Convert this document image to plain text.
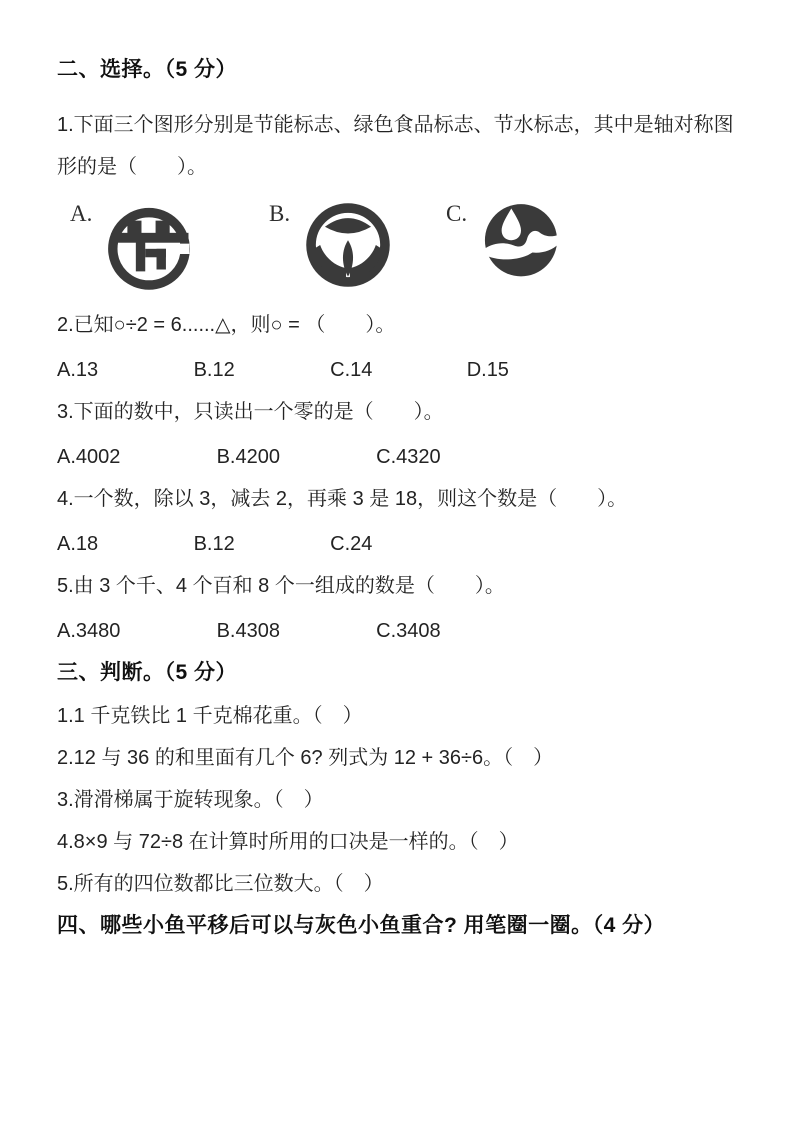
二、选择。（5 分）

1.下面三个图形分别是节能标志、绿色食品标志、节水标志，其中是轴对称图形的是（　　）。

A.	B.	C.

2.已知○÷2 = 6......△，则○ = （　　）。

A.13	B.12	C.14	D.15

3.下面的数中，只读出一个零的是（　　）。

A.4002	B.4200	C.4320

4.一个数，除以 3，减去 2，再乘 3 是 18，则这个数是（　　）。

A.18	B.12	C.24

5.由 3 个千、4 个百和 8 个一组成的数是（　　）。

A.3480	B.4308	C.3408

三、判断。（5 分）

1.1 千克铁比 1 千克棉花重。（　）

2.12 与 36 的和里面有几个 6? 列式为 12 + 36÷6。（　）

3.滑滑梯属于旋转现象。（　）

4.8×9 与 72÷8 在计算时所用的口决是一样的。（　）

5.所有的四位数都比三位数大。（　）

四、哪些小鱼平移后可以与灰色小鱼重合? 用笔圈一圈。（4 分）
